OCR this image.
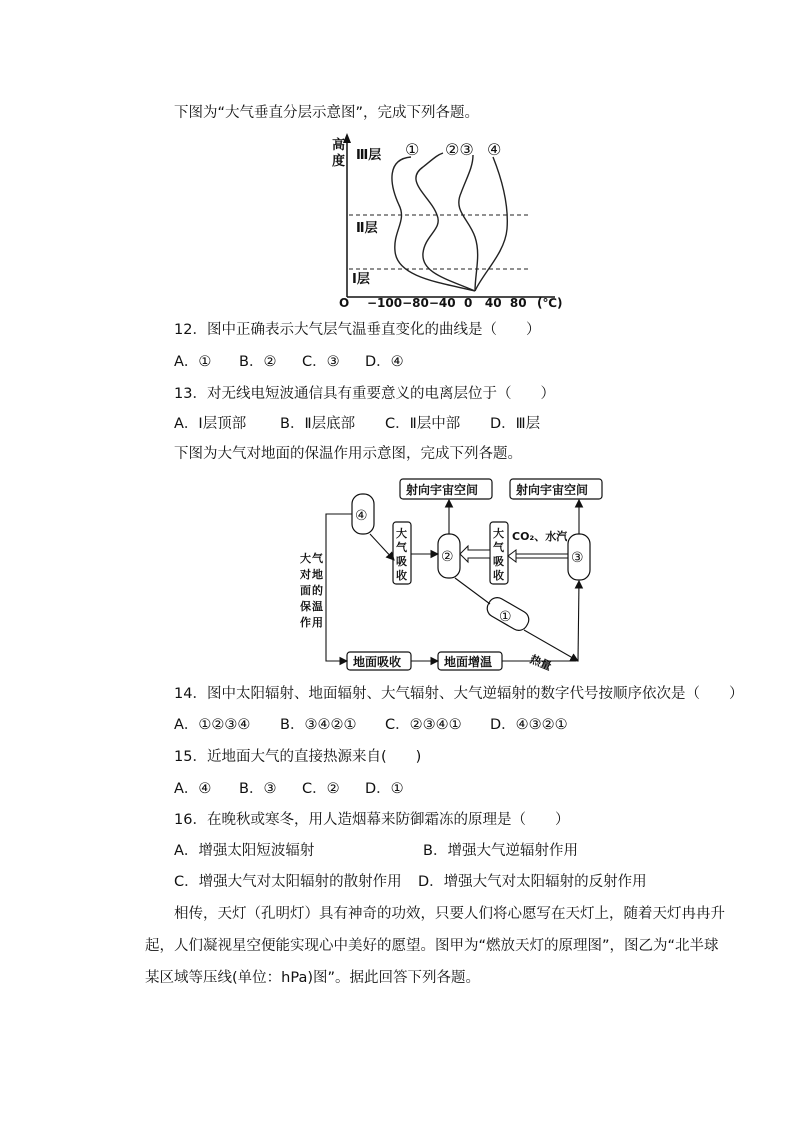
下图为“大气垂直分层示意图”，完成下列各题。
高
度 Ⅲ层
Ⅱ层
Ⅰ层
① ②③ ④
O −100−80−40  0   40  80 (℃)
12．图中正确表示大气层气温垂直变化的曲线是（　　）
A．① B．② C．③ D．④
13．对无线电短波通信具有重要意义的电离层位于（　　）
A．Ⅰ层顶部 B．Ⅱ层底部 C．Ⅱ层中部 D．Ⅲ层
下图为大气对地面的保温作用示意图，完成下列各题。
射向宇宙空间	射向宇宙空间
④
②	③
①
大
气
吸
收
大
气
吸
收
CO₂、水汽
大 气
对 地
面 的
保 温
作 用
地面吸收	地面增温	热量
14．图中太阳辐射、地面辐射、大气辐射、大气逆辐射的数字代号按顺序依次是（　　）
A．①②③④ B．③④②① C．②③④① D．④③②①
15．近地面大气的直接热源来自(　　)
A．④ B．③ C．② D．①
16．在晚秋或寒冬，用人造烟幕来防御霜冻的原理是（　　）
A．增强太阳短波辐射	B．增强大气逆辐射作用
C．增强大气对太阳辐射的散射作用 D．增强大气对太阳辐射的反射作用
相传，天灯（孔明灯）具有神奇的功效，只要人们将心愿写在天灯上，随着天灯冉冉升起，人们凝视星空便能实现心中美好的愿望。图甲为“燃放天灯的原理图”，图乙为“北半球某区域等压线(单位：hPa)图”。据此回答下列各题。
